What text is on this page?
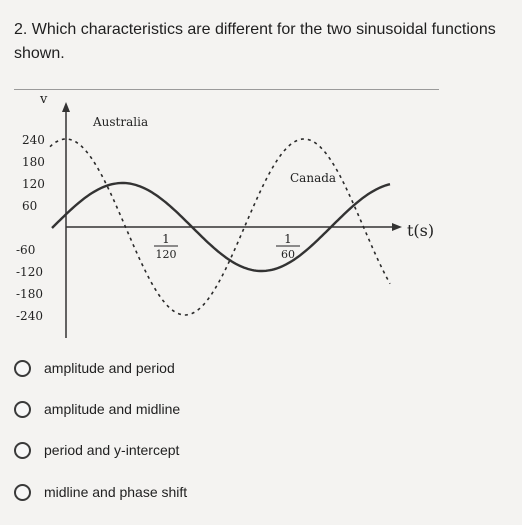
2. Which characteristics are different for the two sinusoidal functions shown.
v
t(s)
240
180
120
60
-60
-120
-180
-240
1
120
1
60
Australia
Canada
amplitude and period
amplitude and midline
period and y-intercept
midline and phase shift
